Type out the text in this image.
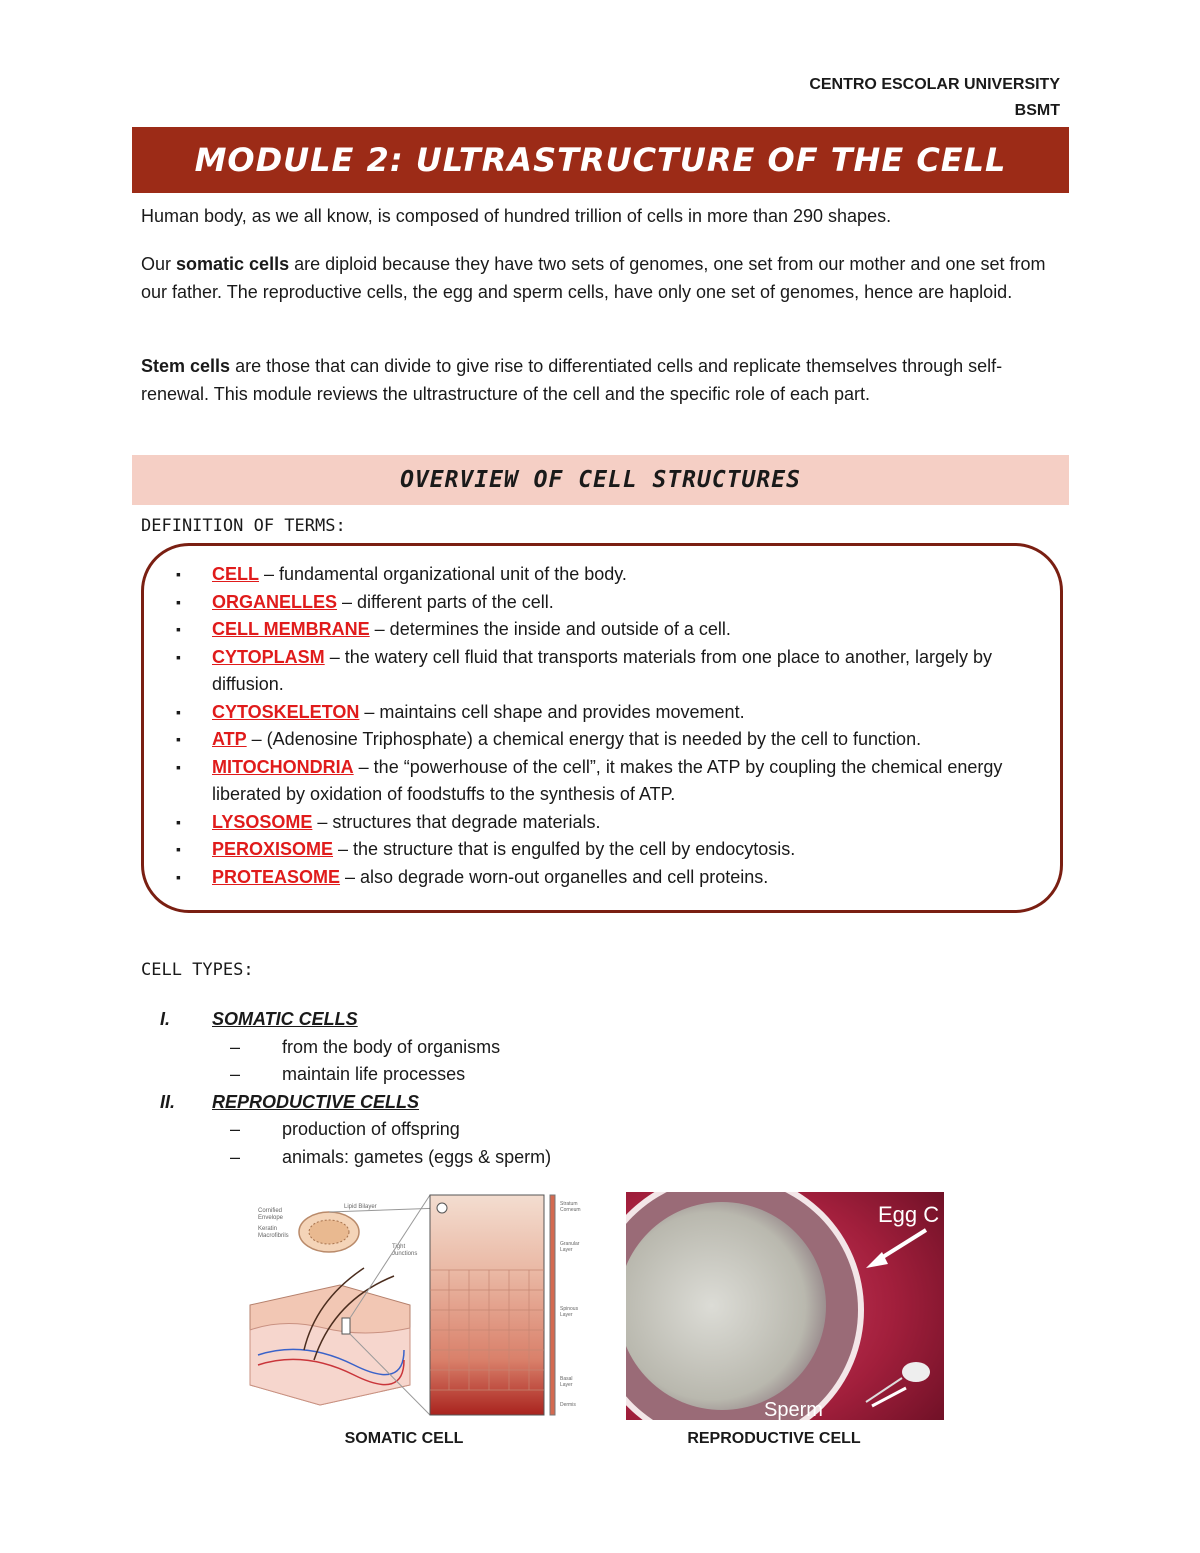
CENTRO ESCOLAR UNIVERSITY
BSMT
MODULE 2: ULTRASTRUCTURE OF THE CELL
Human body, as we all know, is composed of hundred trillion of cells in more than 290 shapes.
Our somatic cells are diploid because they have two sets of genomes, one set from our mother and one set from our father. The reproductive cells, the egg and sperm cells, have only one set of genomes, hence are haploid.
Stem cells are those that can divide to give rise to differentiated cells and replicate themselves through self-renewal. This module reviews the ultrastructure of the cell and the specific role of each part.
OVERVIEW OF CELL STRUCTURES
DEFINITION OF TERMS:
▪ CELL – fundamental organizational unit of the body.
▪ ORGANELLES – different parts of the cell.
▪ CELL MEMBRANE – determines the inside and outside of a cell.
▪ CYTOPLASM – the watery cell fluid that transports materials from one place to another, largely by diffusion.
▪ CYTOSKELETON – maintains cell shape and provides movement.
▪ ATP – (Adenosine Triphosphate) a chemical energy that is needed by the cell to function.
▪ MITOCHONDRIA – the “powerhouse of the cell”, it makes the ATP by coupling the chemical energy liberated by oxidation of foodstuffs to the synthesis of ATP.
▪ LYSOSOME – structures that degrade materials.
▪ PEROXISOME – the structure that is engulfed by the cell by endocytosis.
▪ PROTEASOME – also degrade worn-out organelles and cell proteins.
CELL TYPES:
I.	SOMATIC CELLS
–	from the body of organisms
–	maintain life processes
II.	REPRODUCTIVE CELLS
–	production of offspring
–	animals: gametes (eggs & sperm)
Lipid Bilayer
Cornified
Envelope
Keratin
Macrofibrils
Tight
Junctions
Stratum
Corneum
Granular
Layer
Spinous
Layer
Basal
Layer
Dermis
Egg C
Sperm
SOMATIC CELL	REPRODUCTIVE CELL
